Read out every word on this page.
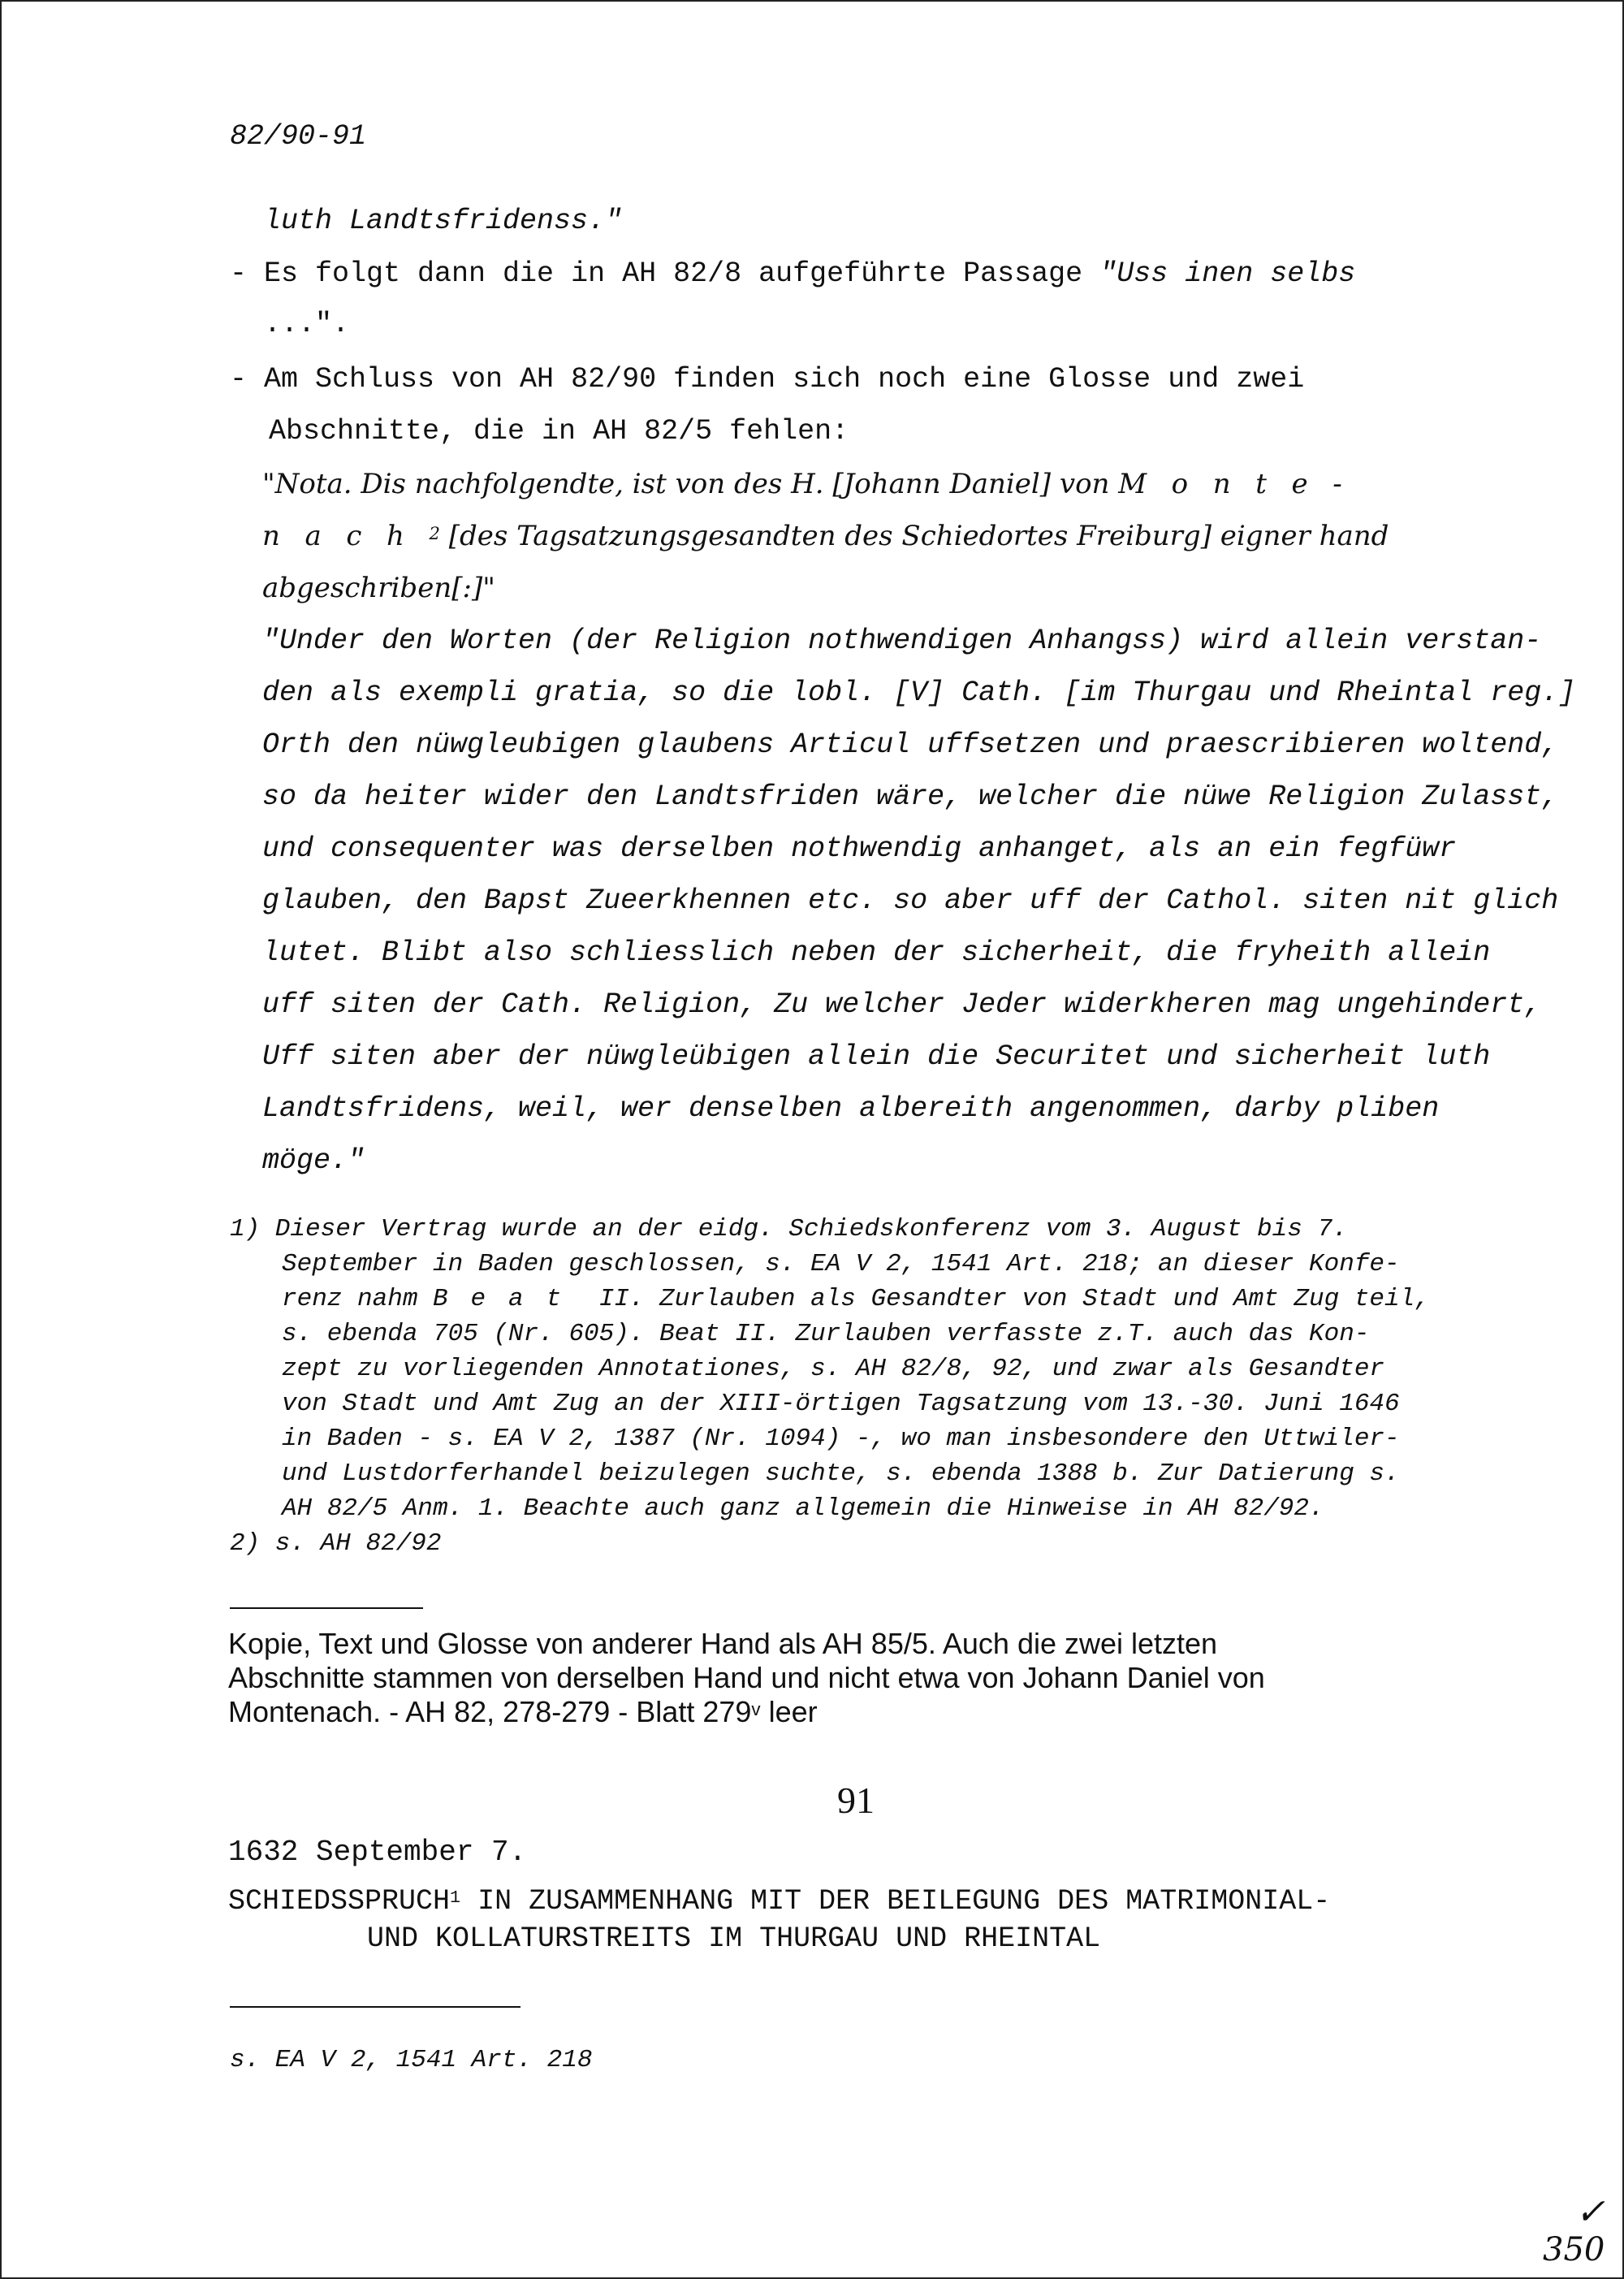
82/90-91
luth Landtsfridenss."
- Es folgt dann die in AH 82/8 aufgeführte Passage "Uss inen selbs
...".
- Am Schluss von AH 82/90 finden sich noch eine Glosse und zwei
Abschnitte, die in AH 82/5 fehlen:
"Nota. Dis nachfolgendte, ist von des H. [Johann Daniel] von Monte-
nach$^2$ [des Tagsatzungsgesandten des Schiedortes Freiburg] eigner hand
abgeschriben[:]"
"Under den Worten (der Religion nothwendigen Anhangss) wird allein verstan-
den als exempli gratia, so die lobl. [V] Cath. [im Thurgau und Rheintal reg.]
Orth den nüwgleubigen glaubens Articul uffsetzen und praescribieren woltend,
so da heiter wider den Landtsfriden wäre, welcher die nüwe Religion Zulasst,
und consequenter was derselben nothwendig anhanget, als an ein fegfüwr
glauben, den Bapst Zueerkhennen etc. so aber uff der Cathol. siten nit glich
lutet. Blibt also schliesslich neben der sicherheit, die fryheith allein
uff siten der Cath. Religion, Zu welcher Jeder widerkheren mag ungehindert,
Uff siten aber der nüwgleübigen allein die Securitet und sicherheit luth
Landtsfridens, weil, wer denselben albereith angenommen, darby pliben
möge."
1) Dieser Vertrag wurde an der eidg. Schiedskonferenz vom 3. August bis 7.
September in Baden geschlossen, s. EA V 2, 1541 Art. 218; an dieser Konfe-
renz nahm Beat II. Zurlauben als Gesandter von Stadt und Amt Zug teil,
s. ebenda 705 (Nr. 605). Beat II. Zurlauben verfasste z.T. auch das Kon-
zept zu vorliegenden Annotationes, s. AH 82/8, 92, und zwar als Gesandter
von Stadt und Amt Zug an der XIII-örtigen Tagsatzung vom 13.-30. Juni 1646
in Baden - s. EA V 2, 1387 (Nr. 1094) -, wo man insbesondere den Uttwiler-
und Lustdorferhandel beizulegen suchte, s. ebenda 1388 b. Zur Datierung s.
AH 82/5 Anm. 1. Beachte auch ganz allgemein die Hinweise in AH 82/92.
2) s. AH 82/92
Kopie, Text und Glosse von anderer Hand als AH 85/5. Auch die zwei letzten
Abschnitte stammen von derselben Hand und nicht etwa von Johann Daniel von
Montenach. - AH 82, 278-279 - Blatt 279$^v$ leer
91
1632 September 7.
SCHIEDSSPRUCH$^1$ IN ZUSAMMENHANG MIT DER BEILEGUNG DES MATRIMONIAL-
UND KOLLATURSTREITS IM THURGAU UND RHEINTAL
s. EA V 2, 1541 Art. 218
✓
350
